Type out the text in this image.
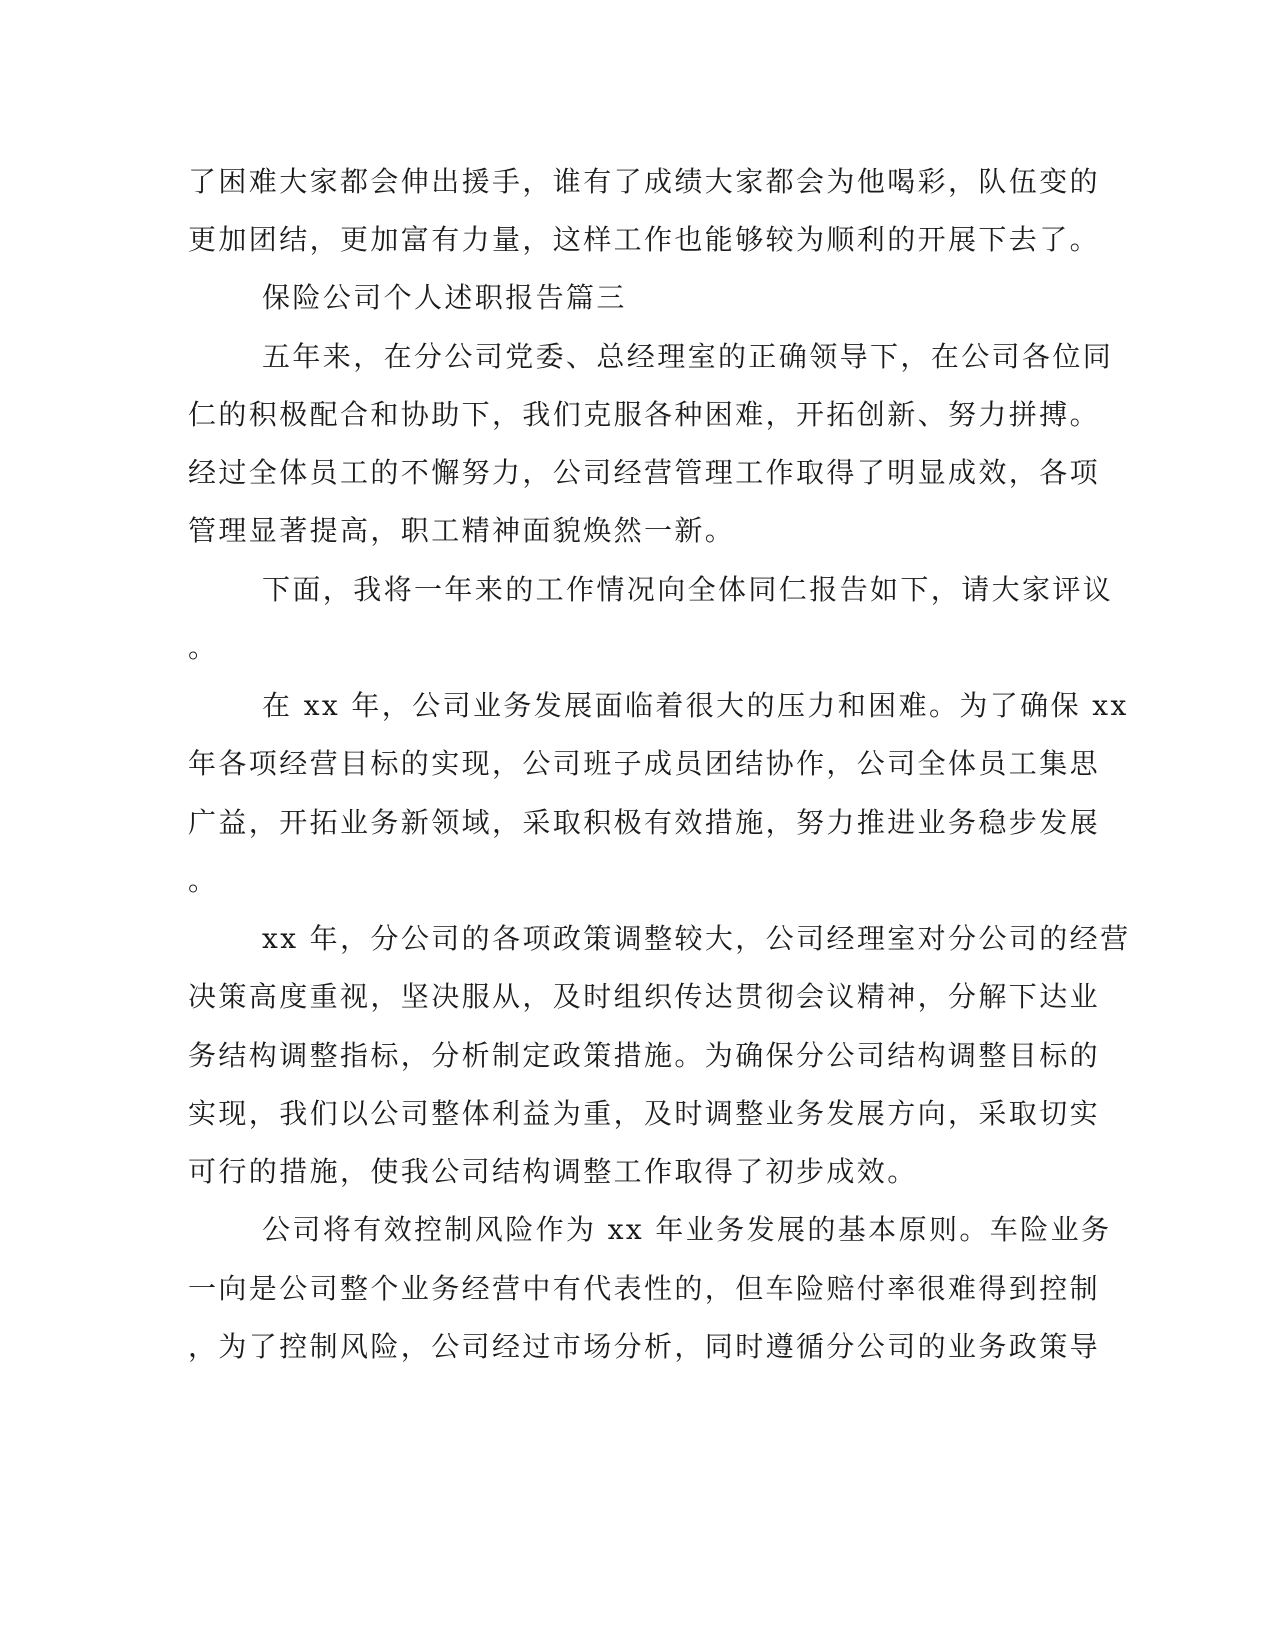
了困难大家都会伸出援手，谁有了成绩大家都会为他喝彩，队伍变的
更加团结，更加富有力量，这样工作也能够较为顺利的开展下去了。
保险公司个人述职报告篇三
五年来，在分公司党委、总经理室的正确领导下，在公司各位同
仁的积极配合和协助下，我们克服各种困难，开拓创新、努力拼搏。
经过全体员工的不懈努力，公司经营管理工作取得了明显成效，各项
管理显著提高，职工精神面貌焕然一新。
下面，我将一年来的工作情况向全体同仁报告如下，请大家评议
。
在 xx 年，公司业务发展面临着很大的压力和困难。为了确保 xx
年各项经营目标的实现，公司班子成员团结协作，公司全体员工集思
广益，开拓业务新领域，采取积极有效措施，努力推进业务稳步发展
。
xx 年，分公司的各项政策调整较大，公司经理室对分公司的经营
决策高度重视，坚决服从，及时组织传达贯彻会议精神，分解下达业
务结构调整指标，分析制定政策措施。为确保分公司结构调整目标的
实现，我们以公司整体利益为重，及时调整业务发展方向，采取切实
可行的措施，使我公司结构调整工作取得了初步成效。
公司将有效控制风险作为 xx 年业务发展的基本原则。车险业务
一向是公司整个业务经营中有代表性的，但车险赔付率很难得到控制
，为了控制风险，公司经过市场分析，同时遵循分公司的业务政策导
